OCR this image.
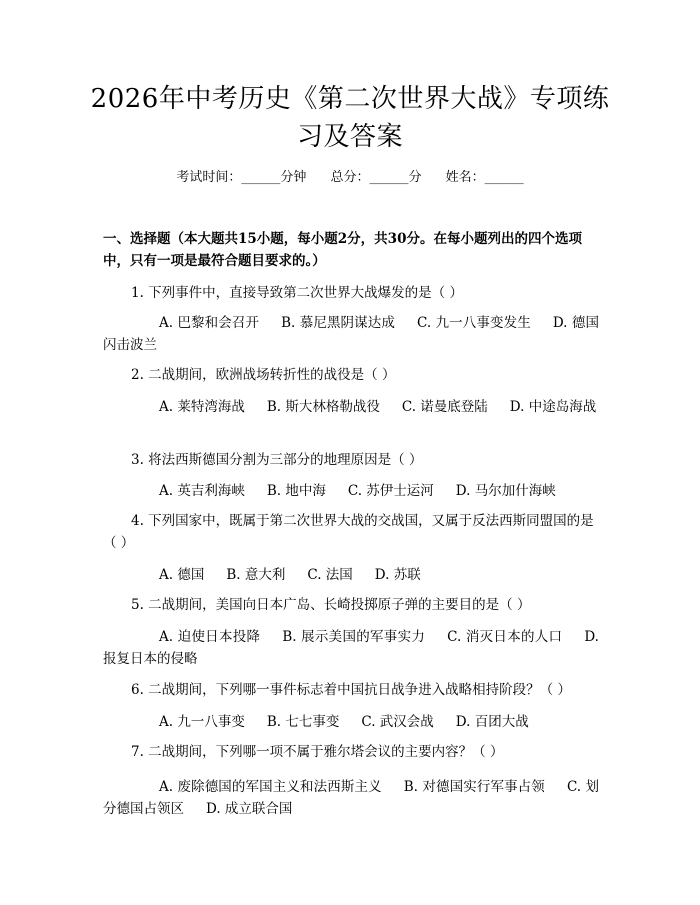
2026年中考历史《第二次世界大战》专项练习及答案
考试时间：______分钟 总分：______分 姓名：______
一、选择题（本大题共15小题，每小题2分，共30分。在每小题列出的四个选项中，只有一项是最符合题目要求的。）
1. 下列事件中，直接导致第二次世界大战爆发的是（ ）
A. 巴黎和会召开 B. 慕尼黑阴谋达成 C. 九一八事变发生 D. 德国闪击波兰
2. 二战期间，欧洲战场转折性的战役是（ ）
A. 莱特湾海战 B. 斯大林格勒战役 C. 诺曼底登陆 D. 中途岛海战
3. 将法西斯德国分割为三部分的地理原因是（ ）
A. 英吉利海峡 B. 地中海 C. 苏伊士运河 D. 马尔加什海峡
4. 下列国家中，既属于第二次世界大战的交战国，又属于反法西斯同盟国的是（ ）
A. 德国 B. 意大利 C. 法国 D. 苏联
5. 二战期间，美国向日本广岛、长崎投掷原子弹的主要目的是（ ）
A. 迫使日本投降 B. 展示美国的军事实力 C. 消灭日本的人口 D. 报复日本的侵略
6. 二战期间，下列哪一事件标志着中国抗日战争进入战略相持阶段？（ ）
A. 九一八事变 B. 七七事变 C. 武汉会战 D. 百团大战
7. 二战期间，下列哪一项不属于雅尔塔会议的主要内容？（ ）
A. 废除德国的军国主义和法西斯主义 B. 对德国实行军事占领 C. 划分德国占领区 D. 成立联合国
